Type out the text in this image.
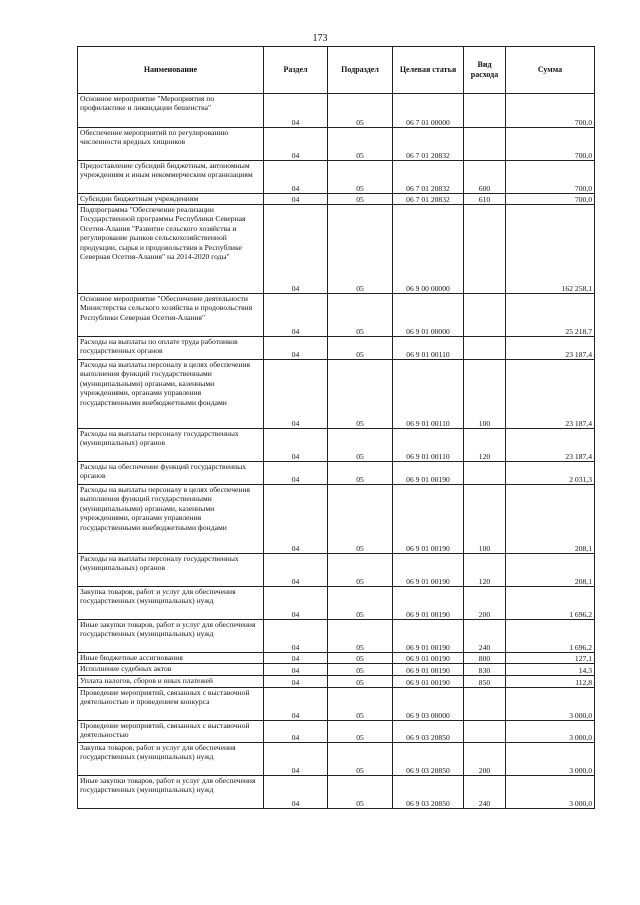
173
Наименование	Раздел	Подраздел	Целевая статья	Вид расхода	Сумма
Основное мероприятие "Мероприятия по профилактике и ликвидации бешенства"	04	05	06 7 01 00000		700,0
Обеспечение мероприятий по регулированию численности вредных хищников	04	05	06 7 01 20832		700,0
Предоставление субсидий бюджетным, автономным учреждениям и иным некоммерческим организациям	04	05	06 7 01 20832	600	700,0
Субсидии бюджетным учреждениям	04	05	06 7 01 20832	610	700,0
Подпрограмма "Обеспечение реализации Государственной программы Республики Северная Осетия-Алания "Развитие сельского хозяйства и регулирование рынков сельскохозяйственной продукции, сырья и продовольствия в Республике Северная Осетия-Алания" на 2014-2020 годы"	04	05	06 9 00 00000		162 258,1
Основное мероприятие "Обеспечение деятельности Министерства сельского хозяйства и продовольствия Республики Северная Осетия-Алания"	04	05	06 9 01 00000		25 218,7
Расходы на выплаты по оплате труда работников государственных органов	04	05	06 9 01 00110		23 187,4
Расходы на выплаты персоналу в целях обеспечения выполнения функций государственными (муниципальными) органами, казенными учреждениями, органами управления государственными внебюджетными фондами	04	05	06 9 01 00110	100	23 187,4
Расходы на выплаты персоналу государственных (муниципальных) органов	04	05	06 9 01 00110	120	23 187,4
Расходы на обеспечение функций государственных органов	04	05	06 9 01 00190		2 031,3
Расходы на выплаты персоналу в целях обеспечения выполнения функций государственными (муниципальными) органами, казенными учреждениями, органами управления государственными внебюджетными фондами	04	05	06 9 01 00190	100	208,1
Расходы на выплаты персоналу государственных (муниципальных) органов	04	05	06 9 01 00190	120	208,1
Закупка товаров, работ и услуг для обеспечения государственных (муниципальных) нужд	04	05	06 9 01 00190	200	1 696,2
Иные закупки товаров, работ и услуг для обеспечения государственных (муниципальных) нужд	04	05	06 9 01 00190	240	1 696,2
Иные бюджетные ассигнования	04	05	06 9 01 00190	800	127,1
Исполнение судебных актов	04	05	06 9 01 00190	830	14,3
Уплата налогов, сборов и иных платежей	04	05	06 9 01 00190	850	112,8
Проведение мероприятий, связанных с выставочной деятельностью и проведением конкурса	04	05	06 9 03 00000		3 000,0
Проведение мероприятий, связанных с выставочной деятельностью	04	05	06 9 03 20850		3 000,0
Закупка товаров, работ и услуг для обеспечения государственных (муниципальных) нужд	04	05	06 9 03 20850	200	3 000,0
Иные закупки товаров, работ и услуг для обеспечения государственных (муниципальных) нужд	04	05	06 9 03 20850	240	3 000,0
